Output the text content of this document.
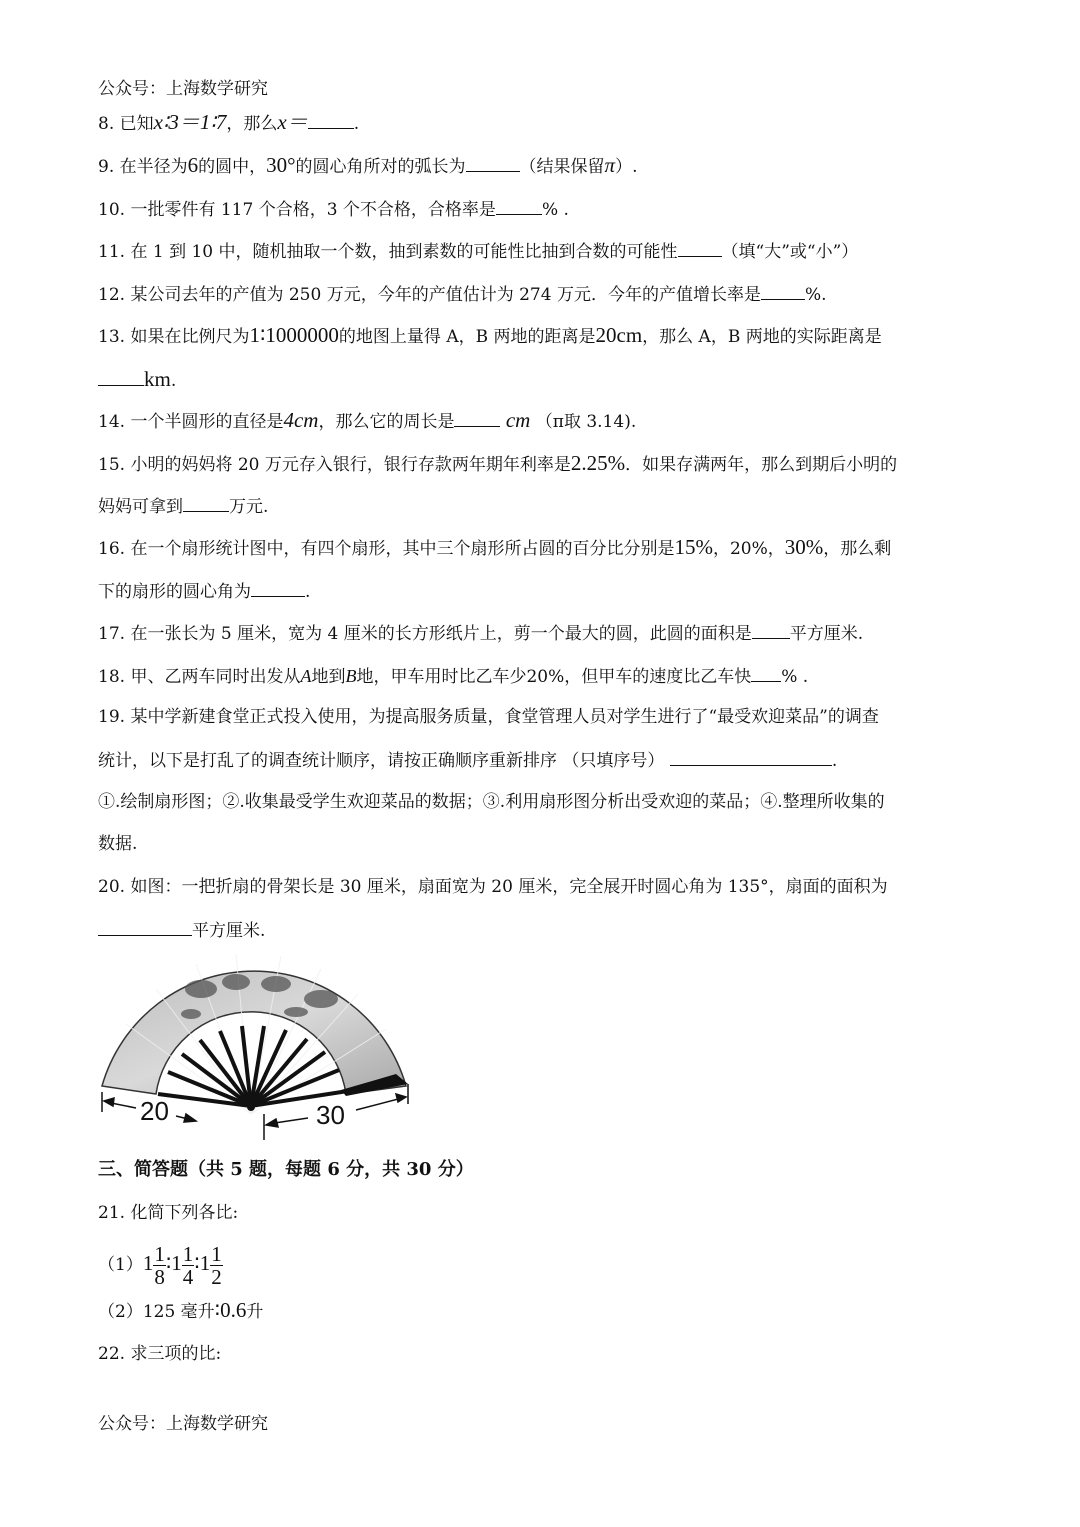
公众号：上海数学研究
8. 已知x∶3＝1∶7，那么x＝	.
9. 在半径为6的圆中，30°的圆心角所对的弧长为	（结果保留π）.
10. 一批零件有 117 个合格，3 个不合格，合格率是	% .
11. 在 1 到 10 中，随机抽取一个数，抽到素数的可能性比抽到合数的可能性	（填“大”或“小”）
12. 某公司去年的产值为 250 万元，今年的产值估计为 274 万元．今年的产值增长率是	%.
13. 如果在比例尺为1∶1000000的地图上量得 A，B 两地的距离是20cm，那么 A，B 两地的实际距离是
km.
14. 一个半圆形的直径是4cm，那么它的周长是 cm （π取 3.14).
15. 小明的妈妈将 20 万元存入银行，银行存款两年期年利率是2.25%．如果存满两年，那么到期后小明的
妈妈可拿到	万元.
16. 在一个扇形统计图中，有四个扇形，其中三个扇形所占圆的百分比分别是15%，20%，30%，那么剩
下的扇形的圆心角为	.
17. 在一张长为 5 厘米，宽为 4 厘米的长方形纸片上，剪一个最大的圆，此圆的面积是 平方厘米.
18. 甲、乙两车同时出发从A地到B地，甲车用时比乙车少20%，但甲车的速度比乙车快 % .
19. 某中学新建食堂正式投入使用，为提高服务质量，食堂管理人员对学生进行了“最受欢迎菜品”的调查
统计，以下是打乱了的调查统计顺序，请按正确顺序重新排序 （只填序号）	.
①.绘制扇形图；②.收集最受学生欢迎菜品的数据；③.利用扇形图分析出受欢迎的菜品；④.整理所收集的
数据.
20. 如图：一把折扇的骨架长是 30 厘米，扇面宽为 20 厘米，完全展开时圆心角为 135°，扇面的面积为
平方厘米.
20	30
三、简答题（共 5 题，每题 6 分，共 30 分）
21. 化简下列各比:
$(1)1 \frac{1}{8}$ ∶1 $\frac{1}{4}$ ∶1 $\frac{1}{2}$
（2）125 毫升∶0.6升
22. 求三项的比:
公众号：上海数学研究
